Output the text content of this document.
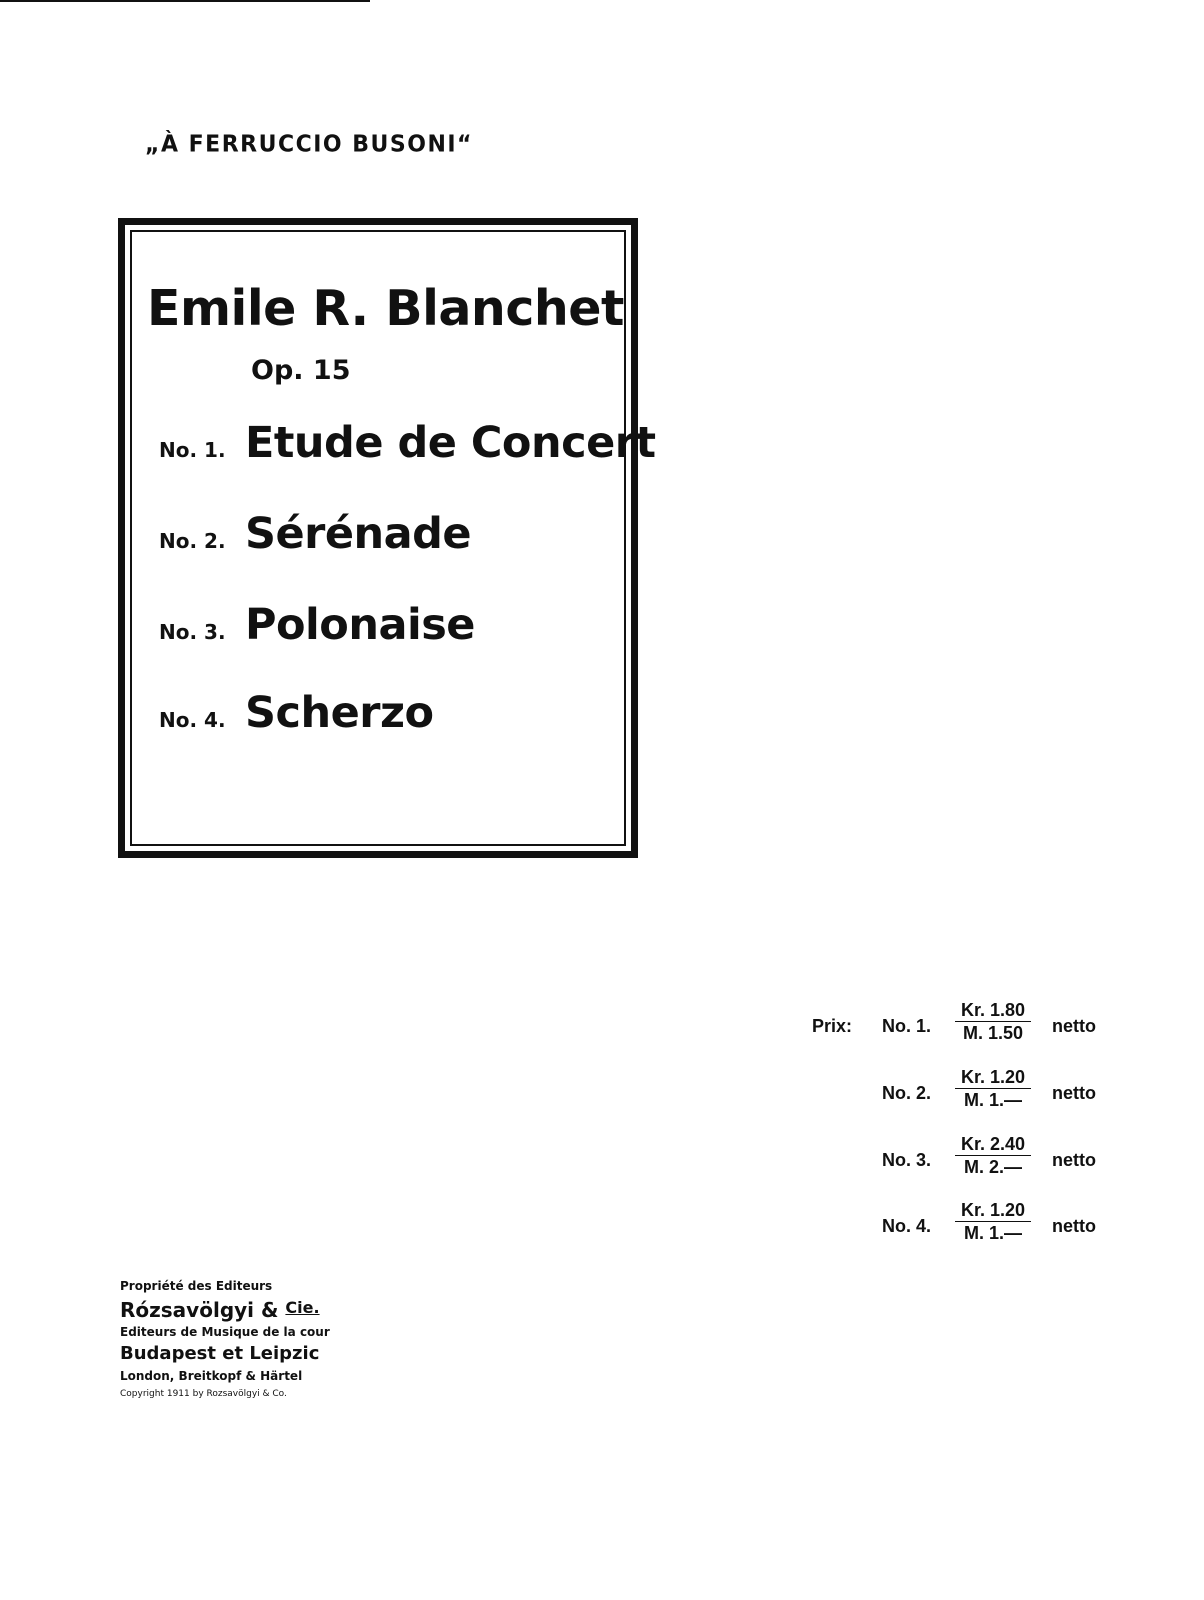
„À FERRUCCIO BUSONI“
Emile R. Blanchet
Op. 15
No. 1. Etude de Concert
No. 2. Sérénade
No. 3. Polonaise
No. 4. Scherzo
Prix: No. 1. $\frac{Kr. 1.80}{M. 1.50}$ netto
No. 2. $\frac{Kr. 1.20}{M. 1.—}$ netto
No. 3. $\frac{Kr. 2.40}{M. 2.—}$ netto
No. 4. $\frac{Kr. 1.20}{M. 1.—}$ netto
Propriété des Editeurs
Rózsavölgyi & $^{Cie.}$
Editeurs de Musique de la cour
Budapest et Leipzic
London, Breitkopf & Härtel
Copyright 1911 by Rozsavölgyi & Co.
